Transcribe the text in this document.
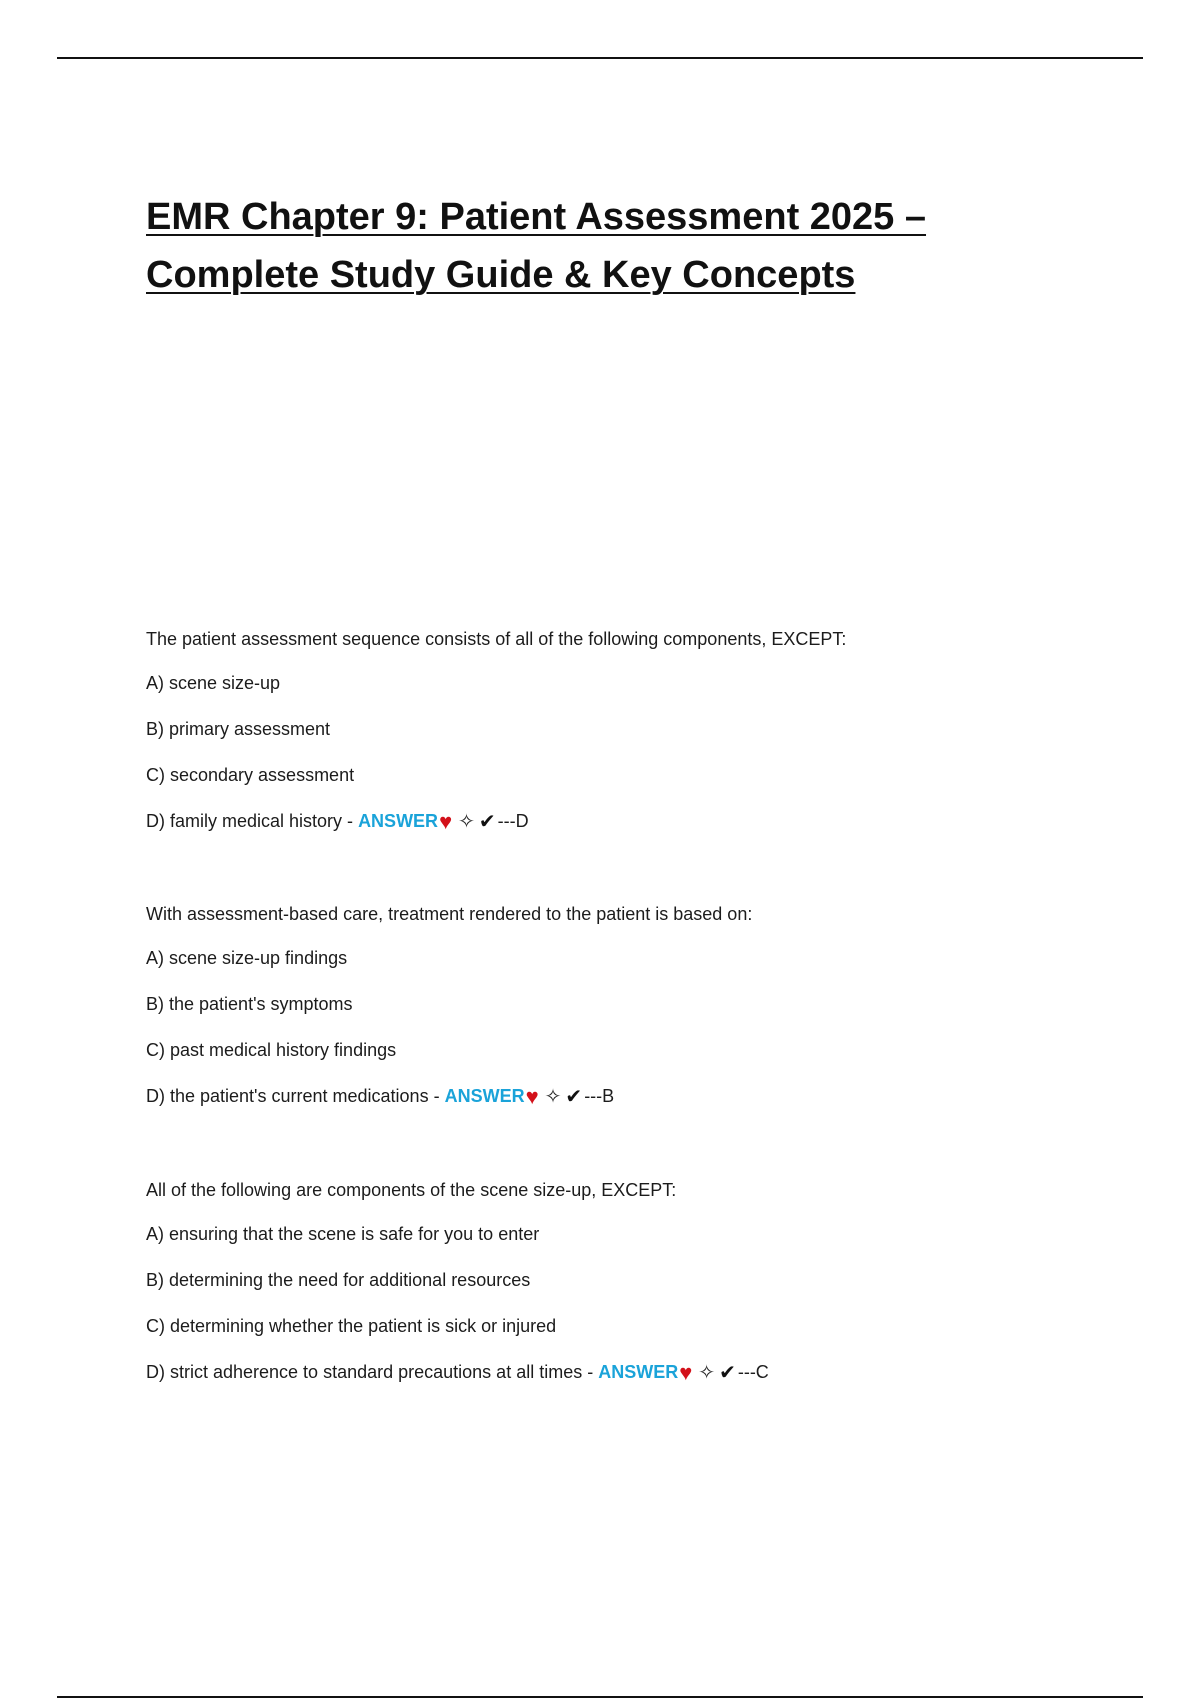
EMR Chapter 9: Patient Assessment 2025 –
Complete Study Guide & Key Concepts
The patient assessment sequence consists of all of the following components, EXCEPT:
A) scene size-up
B) primary assessment
C) secondary assessment
D) family medical history - ANSWER♥ ✧ ✔ ---D
With assessment-based care, treatment rendered to the patient is based on:
A) scene size-up findings
B) the patient's symptoms
C) past medical history findings
D) the patient's current medications - ANSWER♥ ✧ ✔ ---B
All of the following are components of the scene size-up, EXCEPT:
A) ensuring that the scene is safe for you to enter
B) determining the need for additional resources
C) determining whether the patient is sick or injured
D) strict adherence to standard precautions at all times - ANSWER♥ ✧ ✔ ---C
